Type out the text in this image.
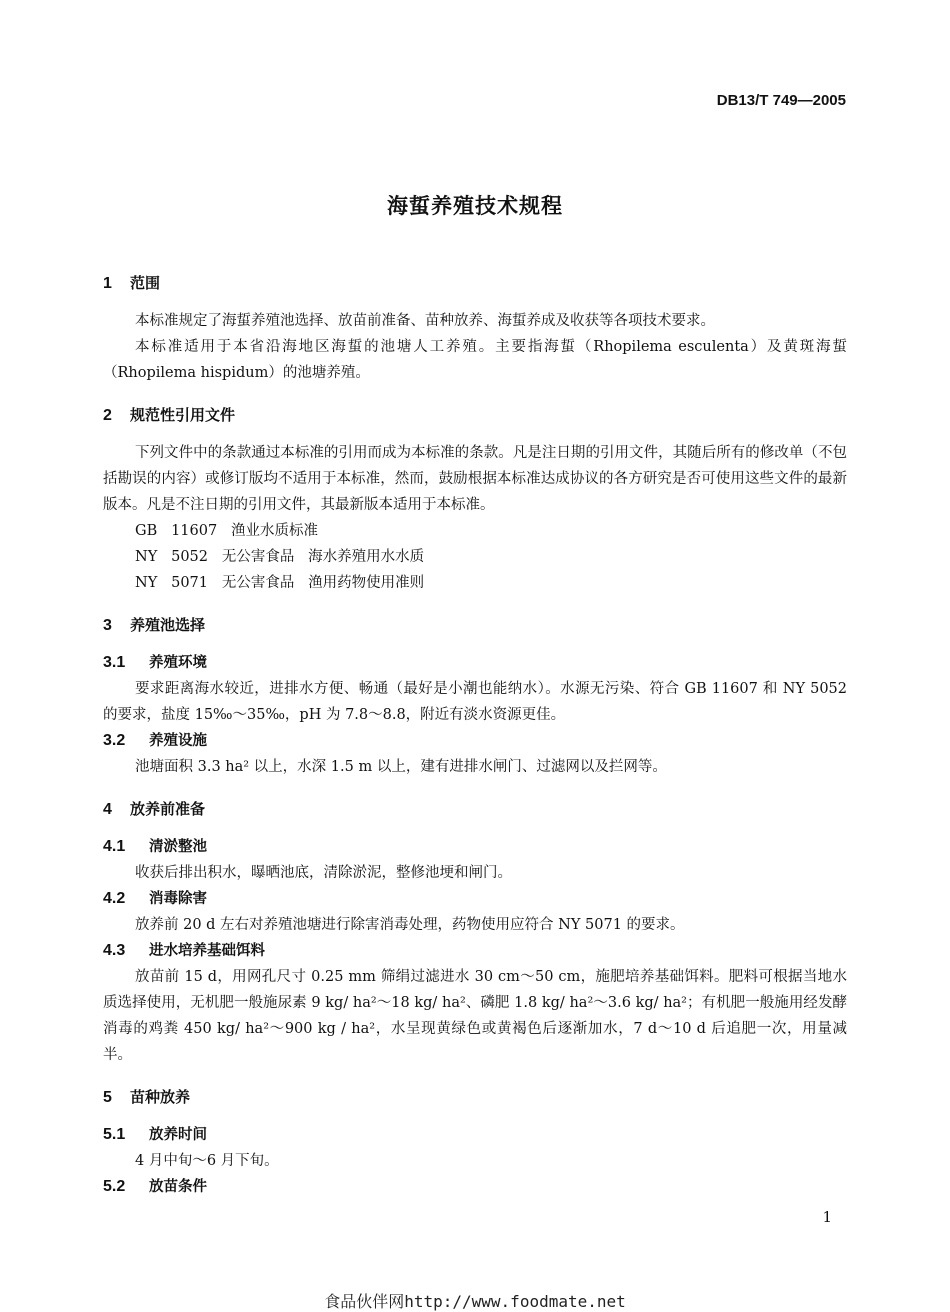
DB13/T 749—2005
海蜇养殖技术规程
1 范围

本标准规定了海蜇养殖池选择、放苗前准备、苗种放养、海蜇养成及收获等各项技术要求。

本标准适用于本省沿海地区海蜇的池塘人工养殖。主要指海蜇（Rhopilema esculenta）及黄斑海蜇（Rhopilema hispidum）的池塘养殖。

2 规范性引用文件

下列文件中的条款通过本标准的引用而成为本标准的条款。凡是注日期的引用文件，其随后所有的修改单（不包括勘误的内容）或修订版均不适用于本标准，然而，鼓励根据本标准达成协议的各方研究是否可使用这些文件的最新版本。凡是不注日期的引用文件，其最新版本适用于本标准。

GB   11607   渔业水质标准
NY   5052   无公害食品   海水养殖用水水质
NY   5071   无公害食品   渔用药物使用准则
3 养殖池选择
3.1 养殖环境

要求距离海水较近，进排水方便、畅通（最好是小潮也能纳水）。水源无污染、符合 GB 11607 和 NY 5052 的要求，盐度 15‰～35‰，pH 为 7.8～8.8，附近有淡水资源更佳。

3.2 养殖设施

池塘面积 3.3 ha² 以上，水深 1.5 m 以上，建有进排水闸门、过滤网以及拦网等。

4 放养前准备
4.1 清淤整池

收获后排出积水，曝晒池底，清除淤泥，整修池埂和闸门。

4.2 消毒除害

放养前 20 d 左右对养殖池塘进行除害消毒处理，药物使用应符合 NY 5071 的要求。

4.3 进水培养基础饵料

放苗前 15 d，用网孔尺寸 0.25 mm 筛绢过滤进水 30 cm～50 cm，施肥培养基础饵料。肥料可根据当地水质选择使用，无机肥一般施尿素 9 kg/ ha²～18 kg/ ha²、磷肥 1.8 kg/ ha²～3.6 kg/ ha²；有机肥一般施用经发酵消毒的鸡粪 450 kg/ ha²～900 kg / ha²，水呈现黄绿色或黄褐色后逐渐加水，7 d～10 d 后追肥一次，用量减半。

5 苗种放养
5.1 放养时间

4 月中旬～6 月下旬。

5.2 放苗条件
1
食品伙伴网http://www.foodmate.net
